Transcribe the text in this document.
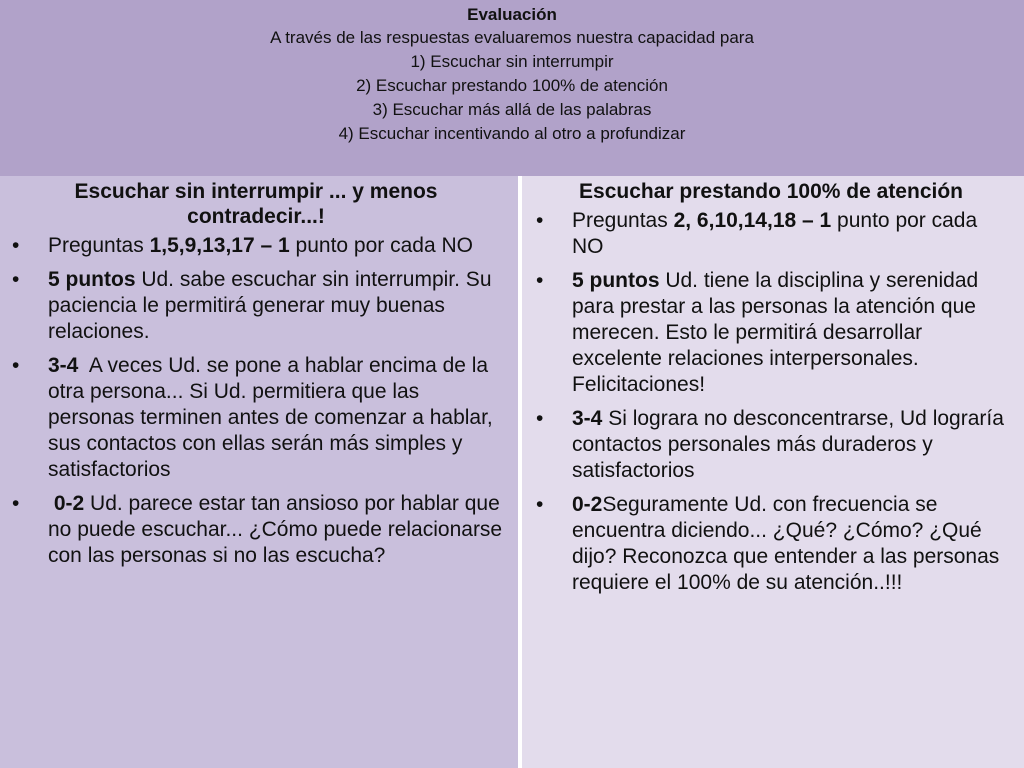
Evaluación
A través de las respuestas evaluaremos nuestra capacidad para
1) Escuchar sin interrumpir
2) Escuchar prestando 100% de atención
3) Escuchar más allá de las palabras
4) Escuchar incentivando al otro a profundizar
Escuchar sin interrumpir ... y menos contradecir...!
• Preguntas 1,5,9,13,17 – 1 punto por cada NO
• 5 puntos Ud. sabe escuchar sin interrumpir. Su paciencia le permitirá generar muy buenas relaciones.
• 3-4  A veces Ud. se pone a hablar encima de la otra persona... Si Ud. permitiera que las personas terminen antes de comenzar a hablar, sus contactos con ellas serán más simples y satisfactorios
• 0-2 Ud. parece estar tan ansioso por hablar que no puede escuchar... ¿Cómo puede relacionarse con las personas si no las escucha?
Escuchar prestando 100% de atención
• Preguntas 2, 6,10,14,18 – 1 punto por cada NO
• 5 puntos Ud. tiene la disciplina y serenidad para prestar a las personas la atención que merecen. Esto le permitirá desarrollar excelente relaciones interpersonales. Felicitaciones!
• 3-4 Si lograra no desconcentrarse, Ud lograría contactos personales más duraderos y satisfactorios
• 0-2Seguramente Ud. con frecuencia se encuentra diciendo... ¿Qué? ¿Cómo? ¿Qué dijo? Reconozca que entender a las personas requiere el 100% de su atención..!!!
